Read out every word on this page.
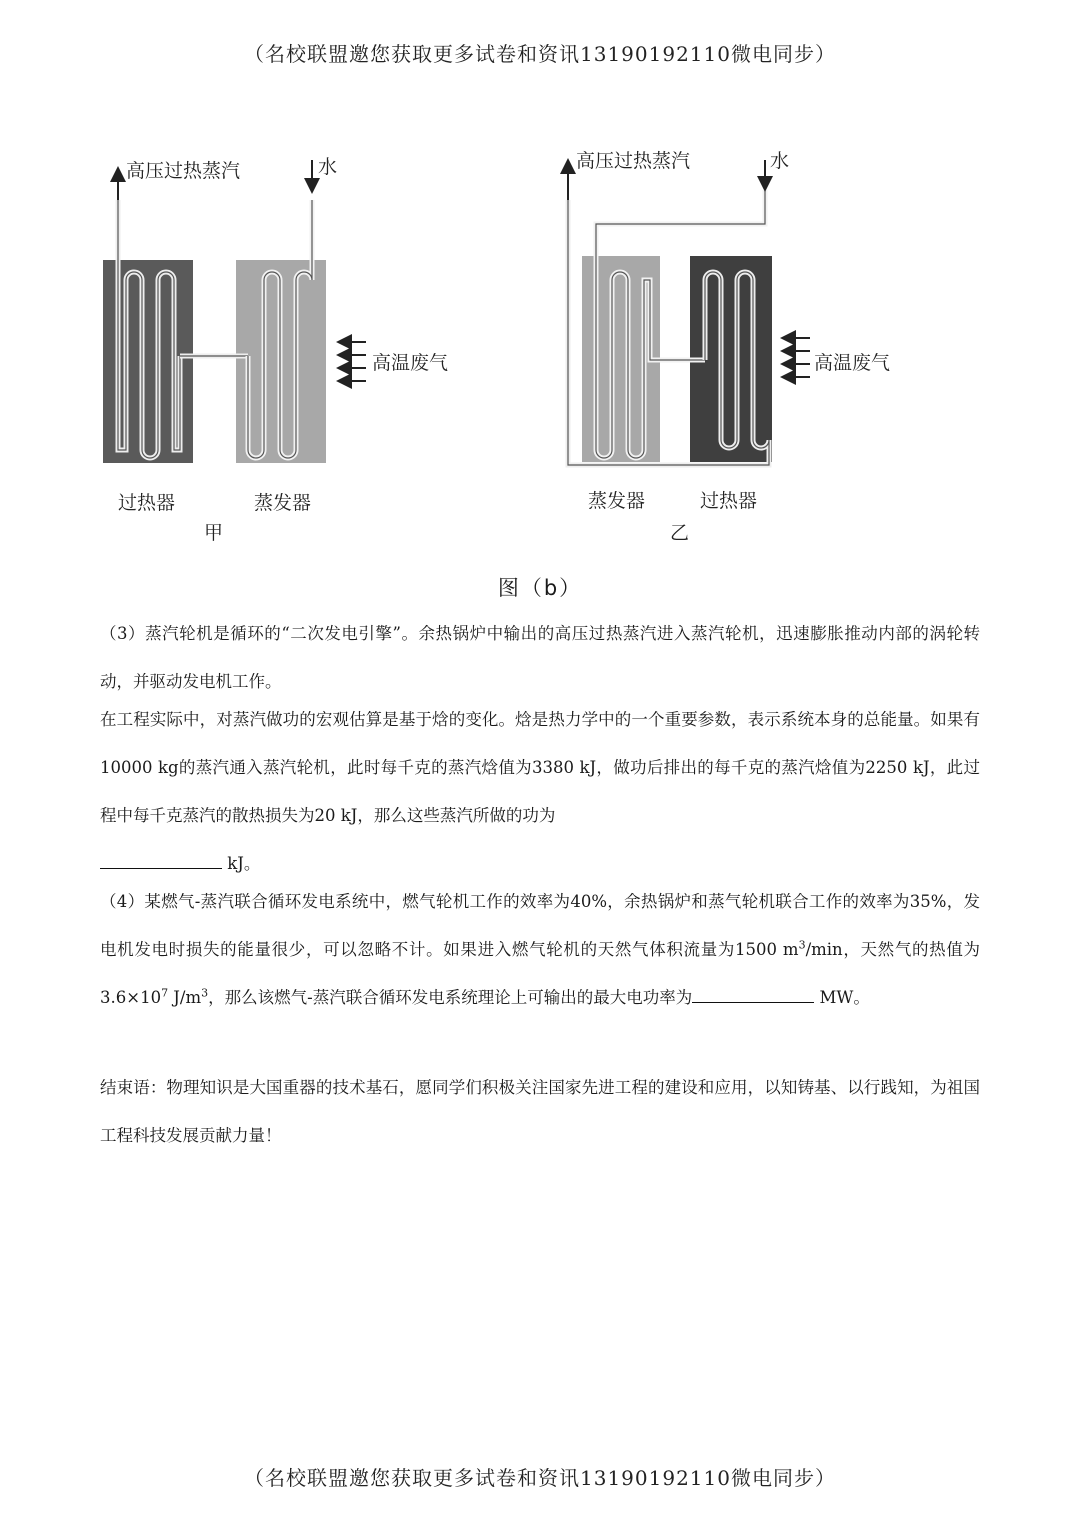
（名校联盟邀您获取更多试卷和资讯13190192110微电同步）
高压过热蒸汽	水
高温废气
过热器	蒸发器
甲
高压过热蒸汽	水
高温废气
蒸发器	过热器
乙
图（b）

（3）蒸汽轮机是循环的“二次发电引擎”。余热锅炉中输出的高压过热蒸汽进入蒸汽轮机，迅速膨胀推动内部的涡轮转动，并驱动发电机工作。

在工程实际中，对蒸汽做功的宏观估算是基于焓的变化。焓是热力学中的一个重要参数，表示系统本身的总能量。如果有10000 kg的蒸汽通入蒸汽轮机，此时每千克的蒸汽焓值为3380 kJ，做功后排出的每千克的蒸汽焓值为2250 kJ，此过程中每千克蒸汽的散热损失为20 kJ，那么这些蒸汽所做的功为
kJ。

（4）某燃气-蒸汽联合循环发电系统中，燃气轮机工作的效率为40%，余热锅炉和蒸气轮机联合工作的效率为35%，发电机发电时损失的能量很少，可以忽略不计。如果进入燃气轮机的天然气体积流量为1500 $m^3/\min$，天然气的热值为$3.6\times 10^7$ $J/m^3$，那么该燃气-蒸汽联合循环发电系统理论上可输出的最大电功率为	MW。

结束语：物理知识是大国重器的技术基石，愿同学们积极关注国家先进工程的建设和应用，以知铸基、以行践知，为祖国工程科技发展贡献力量！

（名校联盟邀您获取更多试卷和资讯13190192110微电同步）
